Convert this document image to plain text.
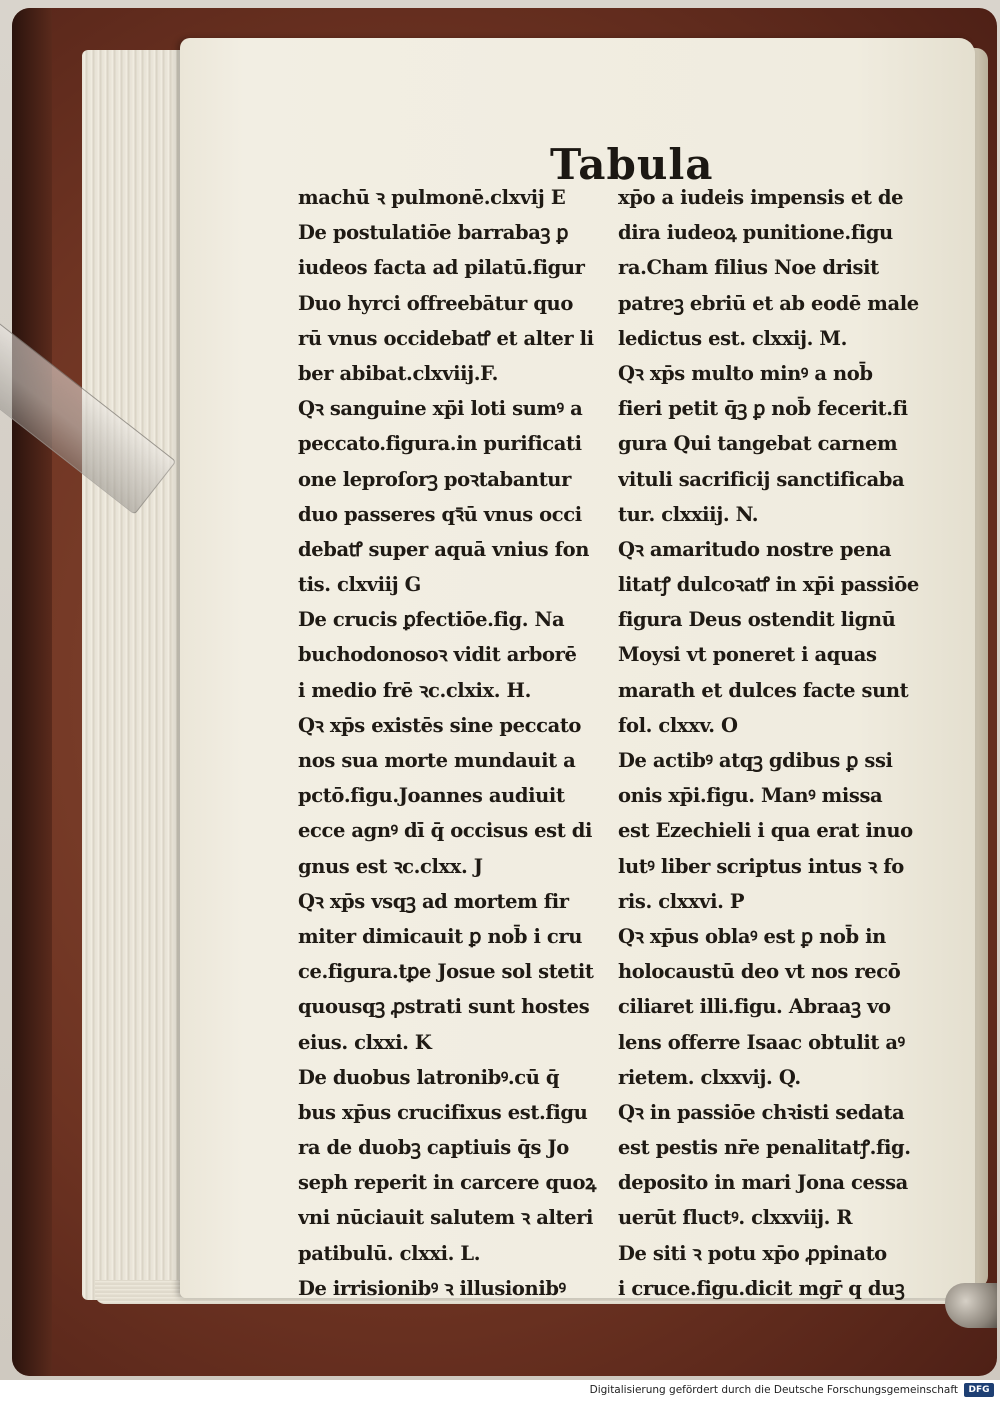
Tabula
machū ꝛ pulmonē.clxvij E
De postulatiōe barrabaꝫ ꝑ
iudeos facta ad pilatū.figur
Duo hyrci offreebātur quo
rū vnus occidebaꝷ et alter li
ber abibat.clxviij.F.
Qꝛ sanguine xp̄i loti sumꝰ a
peccato.figura.in purificati
one leproſorꝫ poꝛtabantur
duo passeres qꝛ̄ū vnus occi
debaꝷ super aquā vnius fon
tis. clxviij G
De crucis ꝑfectiōe.fig. Na
buchodonosoꝛ vidit arborē
i medio frē ꝛc.clxix. H.
Qꝛ xp̄s existēs sine peccato
nos sua morte mundauit a
pctō.figu.Joannes audiuit
ecce agnꝰ dī q̄ occisus est di
gnus est ꝛc.clxx. J
Qꝛ xp̄s vsqꝫ ad mortem fir
miter dimicauit ꝑ nob̄ i cru
ce.figura.tꝑe Josue sol stetit
quousqꝫ ꝓstrati sunt hostes
eius. clxxi. K
De duobus latronibꝰ.cū q̄
bus xp̄us crucifixus est.figu
ra de duobꝫ captiuis q̄s Jo
seph reperit in carcere quoꝝ
vni nūciauit salutem ꝛ alteri
patibulū. clxxi. L.
De irrisionibꝰ ꝛ illusionibꝰ
xp̄o a iudeis impensis et de
dira iudeoꝝ punitione.figu
ra.Cham filius Noe drisit
patreꝫ ebriū et ab eodē male
ledictus est. clxxij. M.
Qꝛ xp̄s multo minꝰ a nob̄
fieri petit q̄ꝫ ꝑ nob̄ fecerit.fi
gura Qui tangebat carnem
vituli sacrificij sanctificaba
tur. clxxiij. N.
Qꝛ amaritudo nostre pena
litatꝭ dulcoꝛaꝷ in xp̄i passiōe
figura Deus ostendit lignū
Moysi vt poneret i aquas
marath et dulces facte sunt
fol. clxxv. O
De actibꝰ atqꝫ gdibus ꝑ ssi
onis xp̄i.figu. Manꝰ missa
est Ezechieli i qua erat inuo
lutꝰ liber scriptus intus ꝛ fo
ris. clxxvi. P
Qꝛ xp̄us oblaꝰ est ꝑ nob̄ in
holocaustū deo vt nos recō
ciliaret illi.figu. Abraaꝫ vo
lens offerre Isaac obtulit aꝰ
rietem. clxxvij. Q.
Qꝛ in passiōe chꝛisti sedata
est pestis nr̄e penalitatꝭ.fig.
deposito in mari Jona cessa
uerūt fluctꝰ. clxxviij. R
De siti ꝛ potu xp̄o ꝓpinato
i cruce.figu.dicit mgr̄ q duꝫ
Digitalisierung gefördert durch die Deutsche Forschungsgemeinschaft	DFG
